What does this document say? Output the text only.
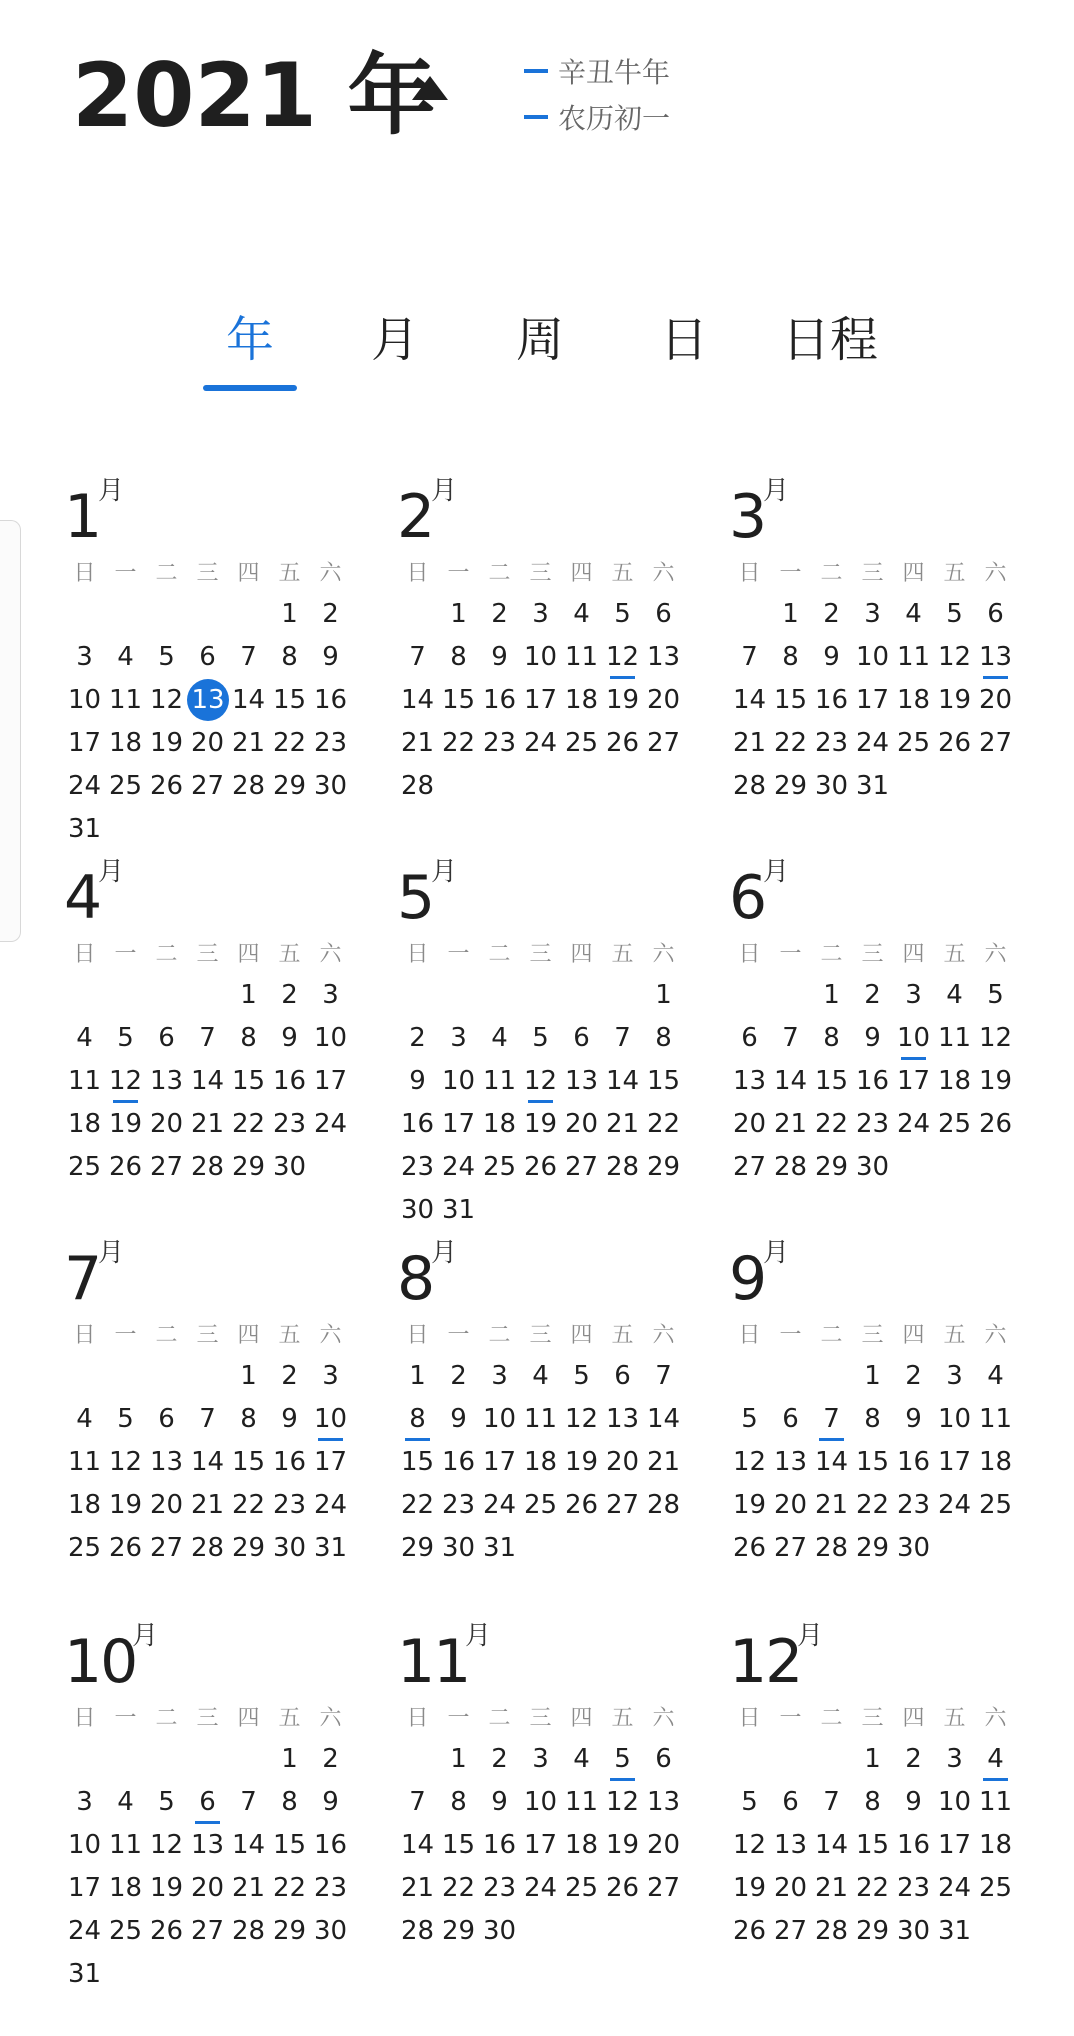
2021 年	辛丑牛年
农历初一
年 月 周 日 日程
1
月
日 一 二 三 四 五 六
1 2
3 4 5 6 7 8 9
10 11 12 13 14 15 16
17 18 19 20 21 22 23
24 25 26 27 28 29 30
31
2
月
日 一 二 三 四 五 六
1 2 3 4 5 6
7 8 9 10 11 12 13
14 15 16 17 18 19 20
21 22 23 24 25 26 27
28
3
月
日 一 二 三 四 五 六
1 2 3 4 5 6
7 8 9 10 11 12 13
14 15 16 17 18 19 20
21 22 23 24 25 26 27
28 29 30 31
4
月
日 一 二 三 四 五 六
1 2 3
4 5 6 7 8 9 10
11 12 13 14 15 16 17
18 19 20 21 22 23 24
25 26 27 28 29 30
5
月
日 一 二 三 四 五 六
1
2 3 4 5 6 7 8
9 10 11 12 13 14 15
16 17 18 19 20 21 22
23 24 25 26 27 28 29
30 31
6
月
日 一 二 三 四 五 六
1 2 3 4 5
6 7 8 9 10 11 12
13 14 15 16 17 18 19
20 21 22 23 24 25 26
27 28 29 30
7
月
日 一 二 三 四 五 六
1 2 3
4 5 6 7 8 9 10
11 12 13 14 15 16 17
18 19 20 21 22 23 24
25 26 27 28 29 30 31
8
月
日 一 二 三 四 五 六
1 2 3 4 5 6 7
8 9 10 11 12 13 14
15 16 17 18 19 20 21
22 23 24 25 26 27 28
29 30 31
9
月
日 一 二 三 四 五 六
1 2 3 4
5 6 7 8 9 10 11
12 13 14 15 16 17 18
19 20 21 22 23 24 25
26 27 28 29 30
10
月
日 一 二 三 四 五 六
1 2
3 4 5 6 7 8 9
10 11 12 13 14 15 16
17 18 19 20 21 22 23
24 25 26 27 28 29 30
31
11
月
日 一 二 三 四 五 六
1 2 3 4 5 6
7 8 9 10 11 12 13
14 15 16 17 18 19 20
21 22 23 24 25 26 27
28 29 30
12
月
日 一 二 三 四 五 六
1 2 3 4
5 6 7 8 9 10 11
12 13 14 15 16 17 18
19 20 21 22 23 24 25
26 27 28 29 30 31
